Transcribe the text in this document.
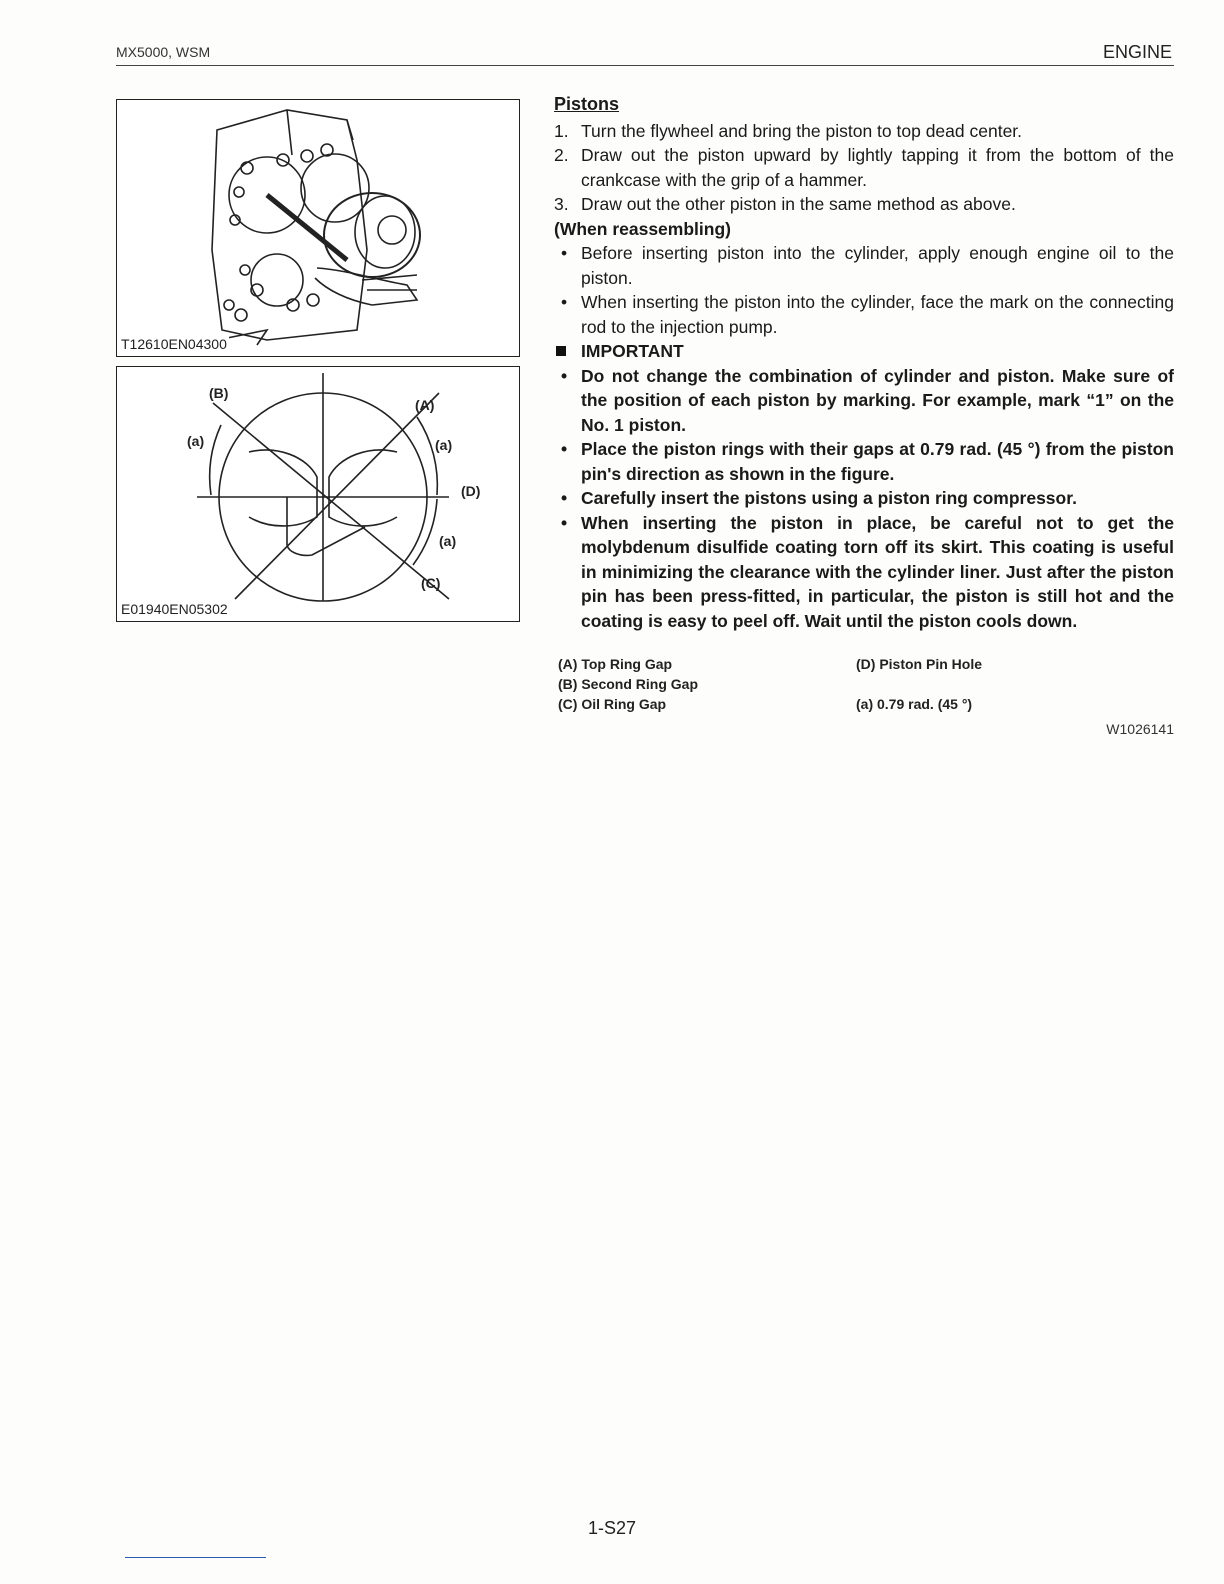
MX5000, WSM	ENGINE
T12610EN04300
(B)
(A)
(a)	(a)
(D)
(a)
(C)
E01940EN05302
Pistons
1. Turn the flywheel and bring the piston to top dead center.
2. Draw out the piston upward by lightly tapping it from the bottom of the crankcase with the grip of a hammer.
3. Draw out the other piston in the same method as above.
(When reassembling)
• Before inserting piston into the cylinder, apply enough engine oil to the piston.
• When inserting the piston into the cylinder, face the mark on the connecting rod to the injection pump.
IMPORTANT
• Do not change the combination of cylinder and piston. Make sure of the position of each piston by marking. For example, mark “1” on the No. 1 piston.
• Place the piston rings with their gaps at 0.79 rad. (45 °) from the piston pin's direction as shown in the figure.
• Carefully insert the pistons using a piston ring compressor.
• When inserting the piston in place, be careful not to get the molybdenum disulfide coating torn off its skirt. This coating is useful in minimizing the clearance with the cylinder liner. Just after the piston pin has been press-fitted, in particular, the piston is still hot and the coating is easy to peel off. Wait until the piston cools down.
(A) Top Ring Gap	(D) Piston Pin Hole
(B) Second Ring Gap
(C) Oil Ring Gap	(a) 0.79 rad. (45 °)
W1026141
1-S27
